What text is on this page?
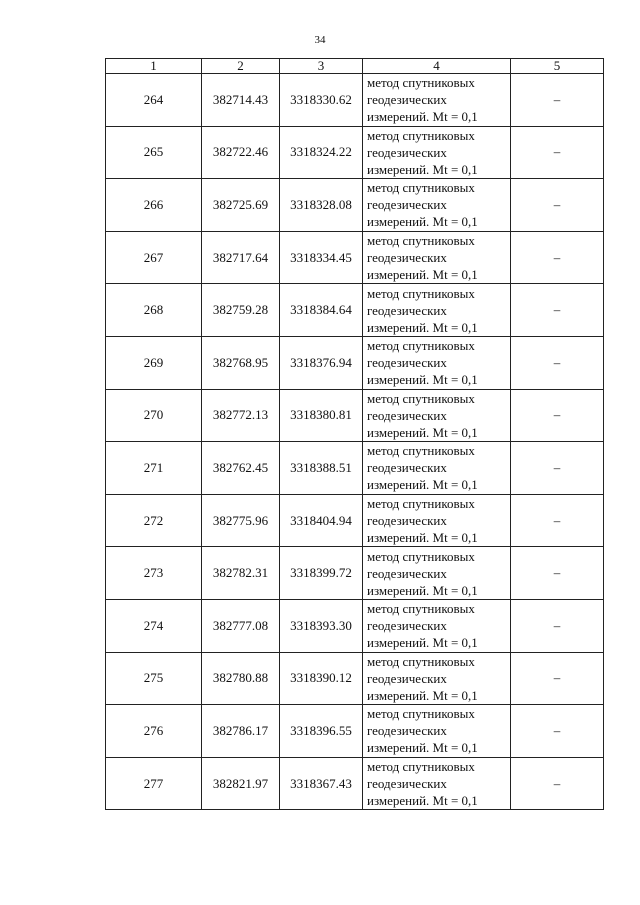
34
1	2	3	4	5
264	382714.43	3318330.62	метод спутниковых геодезических измерений. Mt = 0,1	–
265	382722.46	3318324.22	метод спутниковых геодезических измерений. Mt = 0,1	–
266	382725.69	3318328.08	метод спутниковых геодезических измерений. Mt = 0,1	–
267	382717.64	3318334.45	метод спутниковых геодезических измерений. Mt = 0,1	–
268	382759.28	3318384.64	метод спутниковых геодезических измерений. Mt = 0,1	–
269	382768.95	3318376.94	метод спутниковых геодезических измерений. Mt = 0,1	–
270	382772.13	3318380.81	метод спутниковых геодезических измерений. Mt = 0,1	–
271	382762.45	3318388.51	метод спутниковых геодезических измерений. Mt = 0,1	–
272	382775.96	3318404.94	метод спутниковых геодезических измерений. Mt = 0,1	–
273	382782.31	3318399.72	метод спутниковых геодезических измерений. Mt = 0,1	–
274	382777.08	3318393.30	метод спутниковых геодезических измерений. Mt = 0,1	–
275	382780.88	3318390.12	метод спутниковых геодезических измерений. Mt = 0,1	–
276	382786.17	3318396.55	метод спутниковых геодезических измерений. Mt = 0,1	–
277	382821.97	3318367.43	метод спутниковых геодезических измерений. Mt = 0,1	–
